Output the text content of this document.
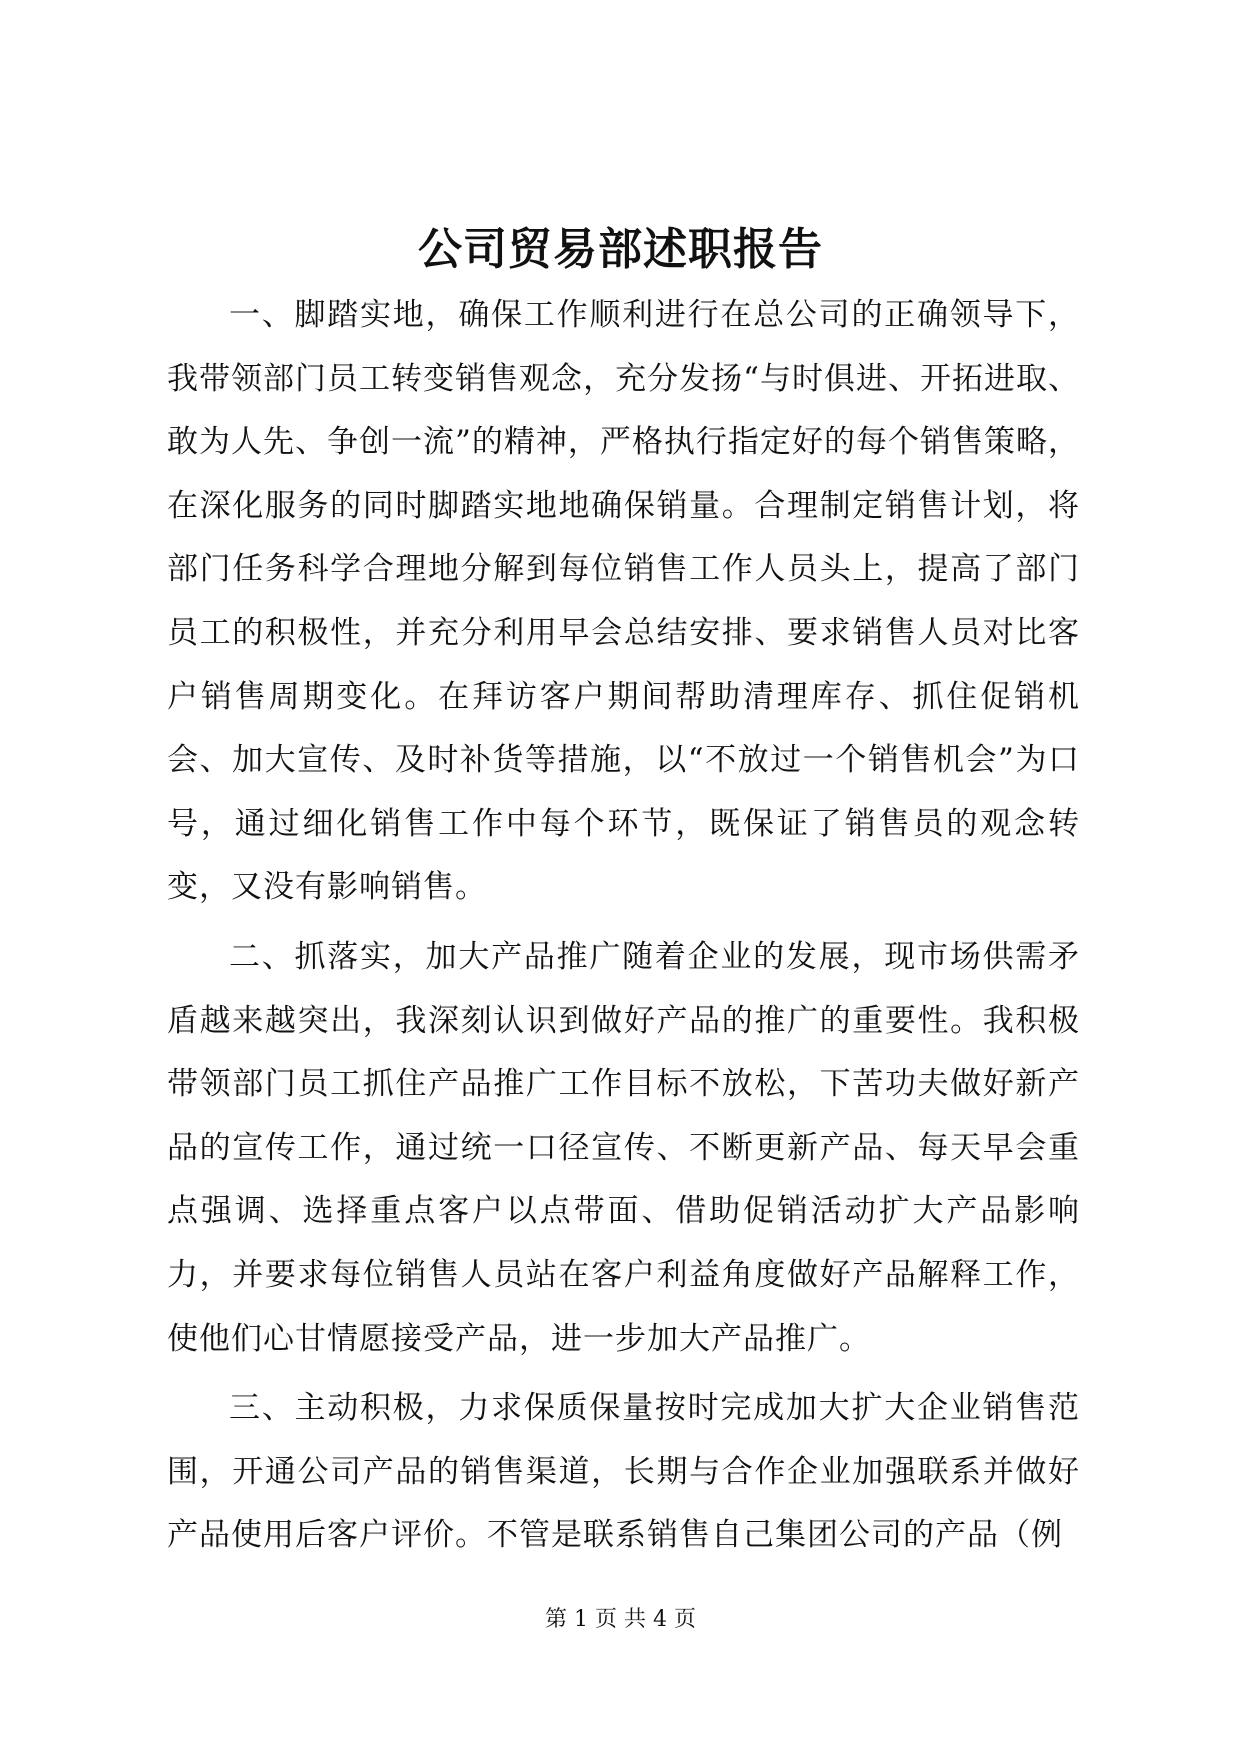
公司贸易部述职报告

一、脚踏实地，确保工作顺利进行在总公司的正确领导下，我带领部门员工转变销售观念，充分发扬“与时俱进、开拓进取、敢为人先、争创一流”的精神，严格执行指定好的每个销售策略，在深化服务的同时脚踏实地地确保销量。合理制定销售计划，将部门任务科学合理地分解到每位销售工作人员头上，提高了部门员工的积极性，并充分利用早会总结安排、要求销售人员对比客户销售周期变化。在拜访客户期间帮助清理库存、抓住促销机会、加大宣传、及时补货等措施，以“不放过一个销售机会”为口号，通过细化销售工作中每个环节，既保证了销售员的观念转变，又没有影响销售。

二、抓落实，加大产品推广随着企业的发展，现市场供需矛盾越来越突出，我深刻认识到做好产品的推广的重要性。我积极带领部门员工抓住产品推广工作目标不放松，下苦功夫做好新产品的宣传工作，通过统一口径宣传、不断更新产品、每天早会重点强调、选择重点客户以点带面、借助促销活动扩大产品影响力，并要求每位销售人员站在客户利益角度做好产品解释工作，使他们心甘情愿接受产品，进一步加大产品推广。

三、主动积极，力求保质保量按时完成加大扩大企业销售范围，开通公司产品的销售渠道，长期与合作企业加强联系并做好产品使用后客户评价。不管是联系销售自己集团公司的产品（例

第 1 页 共 4 页
